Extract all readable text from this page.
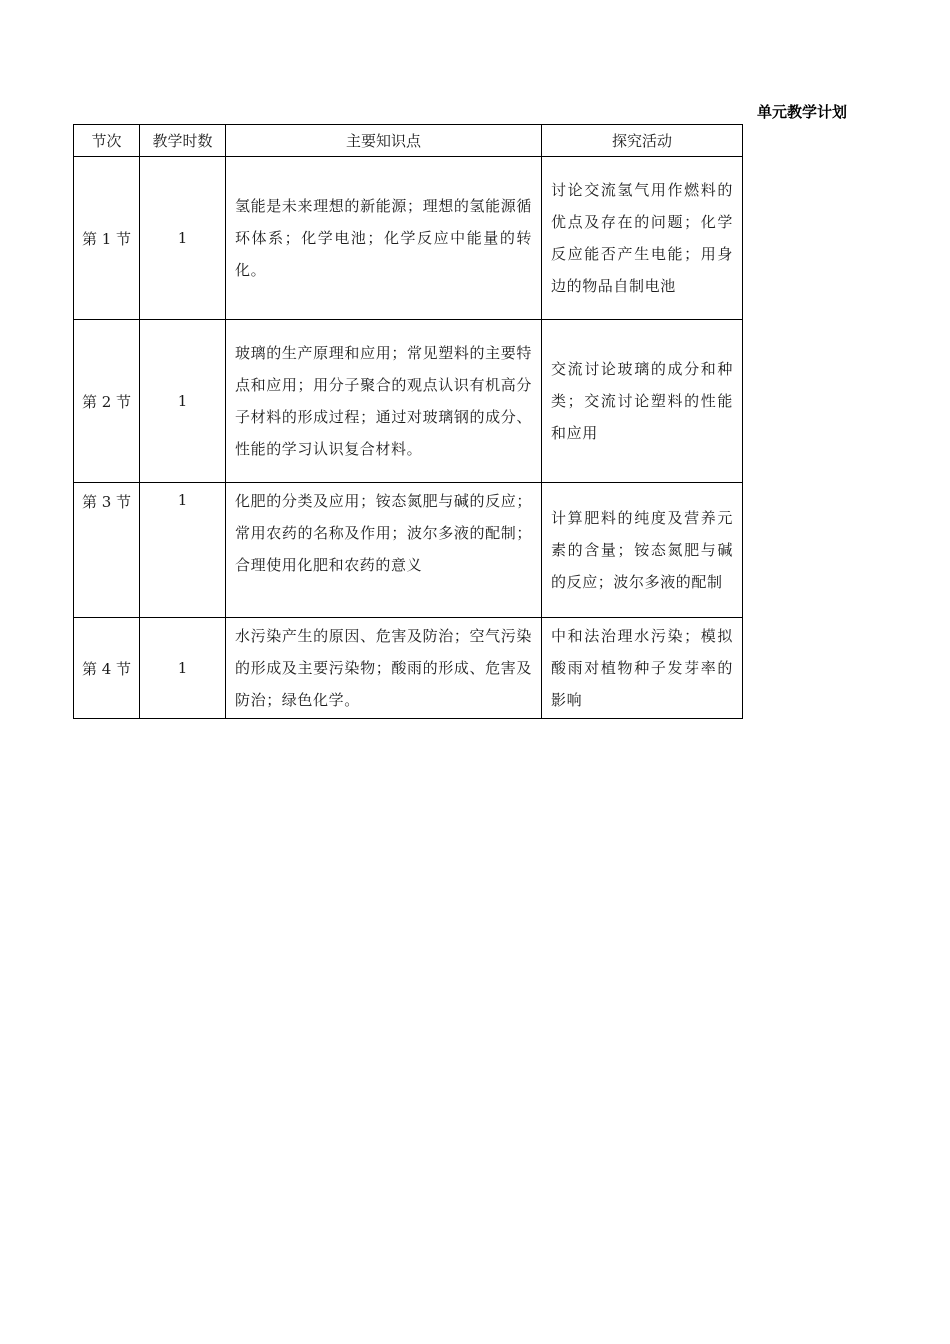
单元教学计划
节次	教学时数	主要知识点	探究活动
第 1 节	1	氢能是未来理想的新能源；理想的氢能源循环体系；化学电池；化学反应中能量的转化。	讨论交流氢气用作燃料的优点及存在的问题；化学反应能否产生电能；用身边的物品自制电池
第 2 节	1	玻璃的生产原理和应用；常见塑料的主要特点和应用；用分子聚合的观点认识有机高分子材料的形成过程；通过对玻璃钢的成分、性能的学习认识复合材料。	交流讨论玻璃的成分和种类；交流讨论塑料的性能和应用
第 3 节	1	化肥的分类及应用；铵态氮肥与碱的反应；常用农药的名称及作用；波尔多液的配制；合理使用化肥和农药的意义	计算肥料的纯度及营养元素的含量；铵态氮肥与碱的反应；波尔多液的配制
第 4 节	1	水污染产生的原因、危害及防治；空气污染的形成及主要污染物；酸雨的形成、危害及防治；绿色化学。	中和法治理水污染；模拟酸雨对植物种子发芽率的影响
